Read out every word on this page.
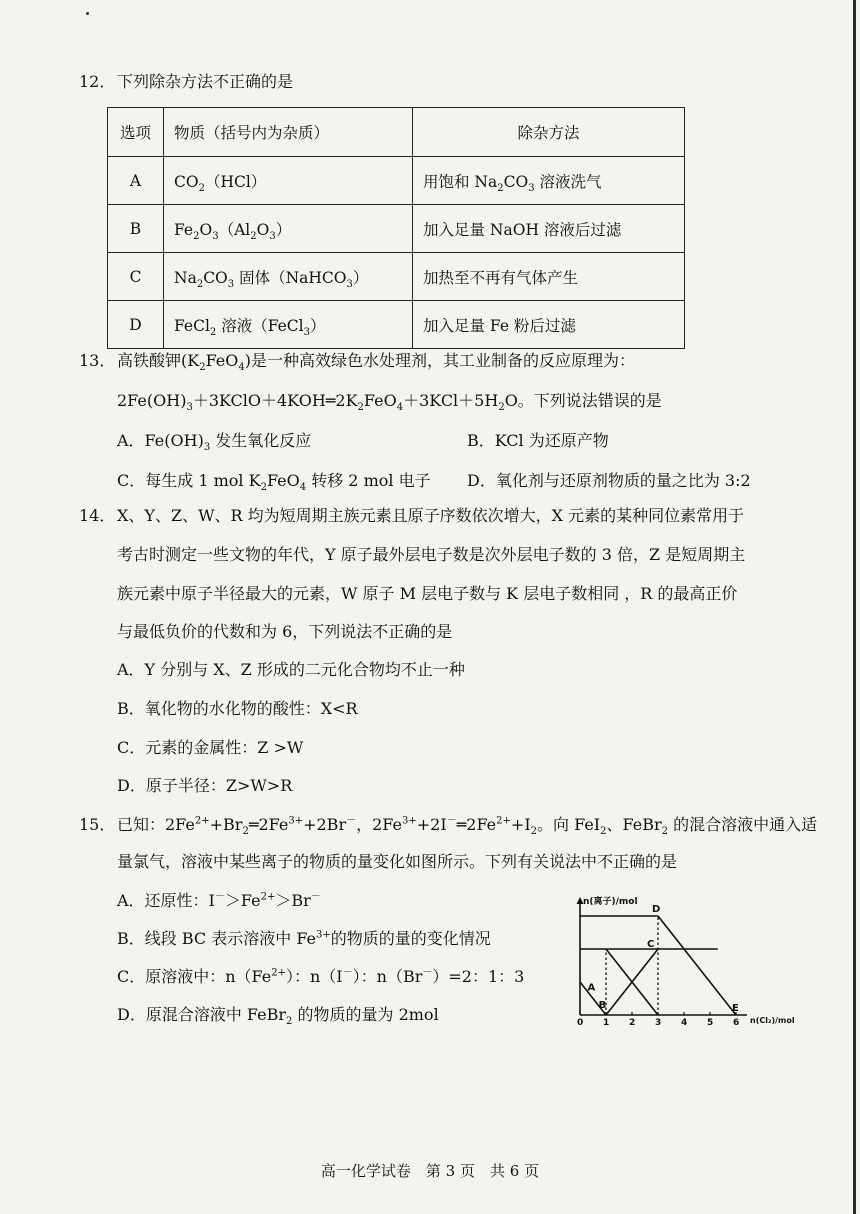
12． 下列除杂方法不正确的是
选项	物质（括号内为杂质）	除杂方法
A	$CO_2(HCl)$	用饱和 $Na_2CO_3$ 溶液洗气
B	$Fe_2O_3(Al_2O_3)$	加入足量 NaOH 溶液后过滤
C	$Na_2CO_3$ 固体（NaHCO$_3$）	加热至不再有气体产生
D	FeCl$_2$ 溶液（FeCl$_3$）	加入足量 Fe 粉后过滤
13． 高铁酸钾$(K_2FeO_4)$是一种高效绿色水处理剂，其工业制备的反应原理为：
$2Fe(OH)_3+3KClO+4KOH═2K_2FeO_4+3KCl+5H_2O$。下列说法错误的是
A．$Fe(OH)_3$ 发生氧化反应	B．KCl 为还原产物
C．每生成 1 mol $K_2FeO_4$ 转移 2 mol 电子 D．氧化剂与还原剂物质的量之比为 3:2
14． X、Y、Z、W、R 均为短周期主族元素且原子序数依次增大，X 元素的某种同位素常用于
考古时测定一些文物的年代，Y 原子最外层电子数是次外层电子数的 3 倍，Z 是短周期主
族元素中原子半径最大的元素，W 原子 M 层电子数与 K 层电子数相同 ，R 的最高正价
与最低负价的代数和为 6，下列说法不正确的是
A．Y 分别与 X、Z 形成的二元化合物均不止一种
B．氧化物的水化物的酸性：X<R
C．元素的金属性：Z >W
D．原子半径：Z>W>R
15． 已知：$2Fe^{2+}+Br_2═2Fe^{3+}+2Br^-$，$2Fe^{3+}+2I^-═2Fe^{2+}+I_2$。向 FeI$_2$、FeBr$_2$ 的混合溶液中通入适
量氯气，溶液中某些离子的物质的量变化如图所示。下列有关说法中不正确的是
A．还原性：$I^->Fe^{2+}>Br^-$
B．线段 BC 表示溶液中 $Fe^{3+}$的物质的量的变化情况
C．原溶液中：$n(Fe^{2+})$：n（I－）：n（Br－）=2：1：3
D．原混合溶液中 FeBr$_2$ 的物质的量为 2mol
n(离子)/mol
n(Cl₂)/mol
0 1 2 3 4 5 6
A
B
C
D
E
高一化学试卷　第 3 页　共 6 页
